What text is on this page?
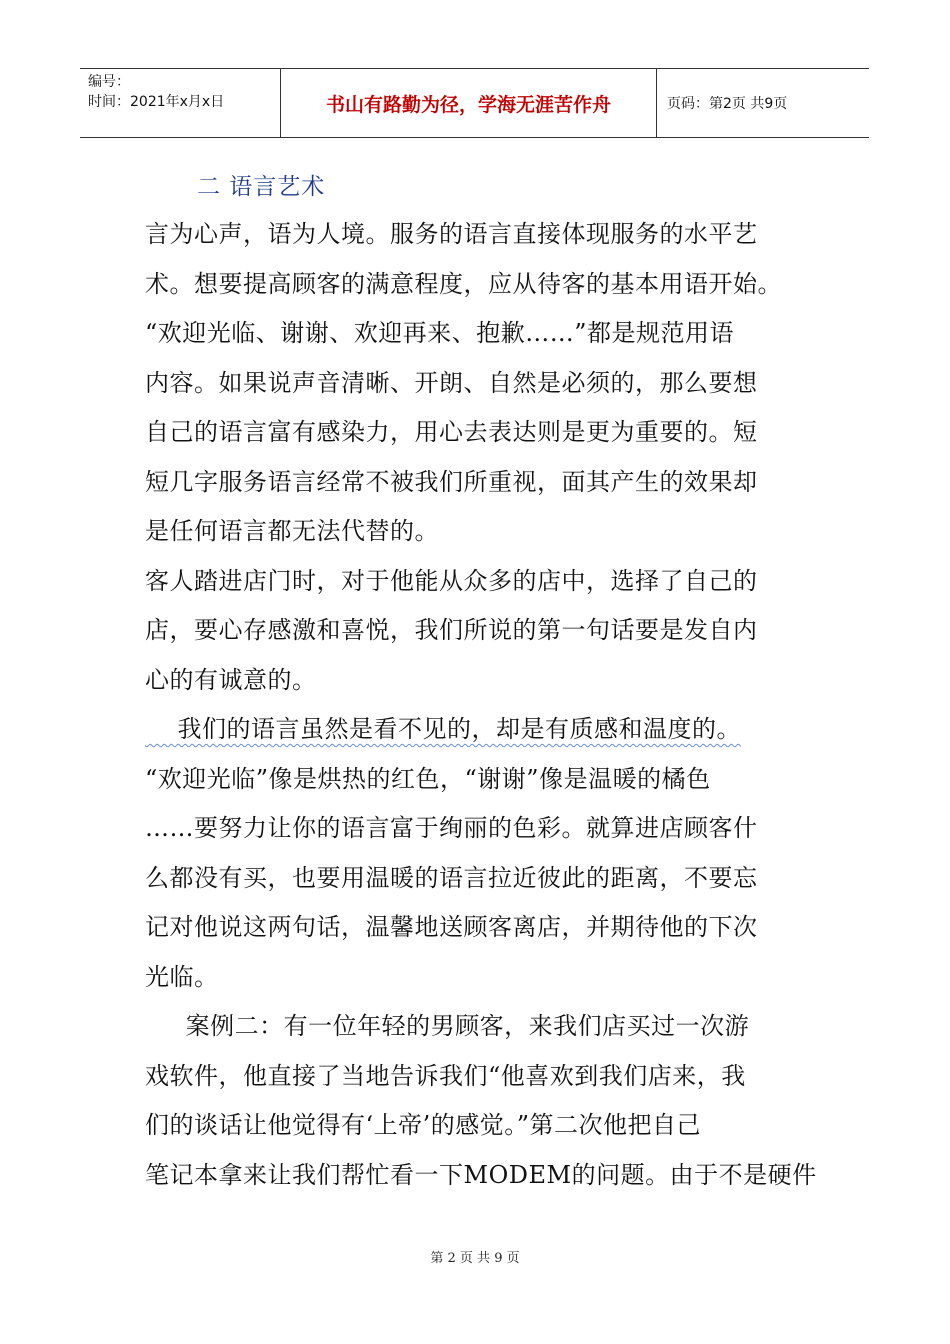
编号：
时间：2021年x月x日	书山有路勤为径，学海无涯苦作舟	页码：第2页 共9页
二 语言艺术
言为心声，语为人境。服务的语言直接体现服务的水平艺
术。想要提高顾客的满意程度，应从待客的基本用语开始。
“欢迎光临、谢谢、欢迎再来、抱歉……”都是规范用语
内容。如果说声音清晰、开朗、自然是必须的，那么要想
自己的语言富有感染力，用心去表达则是更为重要的。短
短几字服务语言经常不被我们所重视，面其产生的效果却
是任何语言都无法代替的。
客人踏进店门时，对于他能从众多的店中，选择了自己的
店，要心存感激和喜悦，我们所说的第一句话要是发自内
心的有诚意的。
我们的语言虽然是看不见的，却是有质感和温度的。
“欢迎光临”像是烘热的红色，“谢谢”像是温暖的橘色
……要努力让你的语言富于绚丽的色彩。就算进店顾客什
么都没有买，也要用温暖的语言拉近彼此的距离，不要忘
记对他说这两句话，温馨地送顾客离店，并期待他的下次
光临。
案例二：有一位年轻的男顾客，来我们店买过一次游
戏软件，他直接了当地告诉我们“他喜欢到我们店来，我
们的谈话让他觉得有‘上帝’的感觉。”第二次他把自己
笔记本拿来让我们帮忙看一下MODEM的问题。由于不是硬件
第 2 页 共 9 页
